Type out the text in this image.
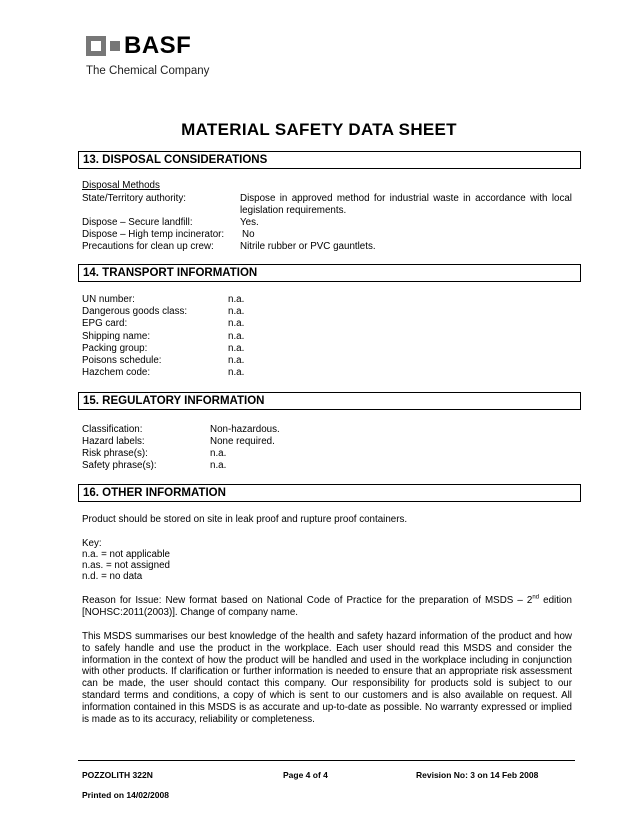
BASF
The Chemical Company
MATERIAL SAFETY DATA SHEET
13. DISPOSAL CONSIDERATIONS
Disposal Methods
State/Territory authority:	Dispose in approved method for industrial waste in accordance with local legislation requirements.
Dispose – Secure landfill:	Yes.
Dispose – High temp incinerator: No
Precautions for clean up crew:	Nitrile rubber or PVC gauntlets.
14. TRANSPORT INFORMATION
UN number:	n.a.
Dangerous goods class:	n.a.
EPG card:	n.a.
Shipping name:	n.a.
Packing group:	n.a.
Poisons schedule:	n.a.
Hazchem code:	n.a.
15. REGULATORY INFORMATION
Classification:	Non-hazardous.
Hazard labels:	None required.
Risk phrase(s):	n.a.
Safety phrase(s):	n.a.
16. OTHER INFORMATION
Product should be stored on site in leak proof and rupture proof containers.
Key:
n.a. = not applicable
n.as. = not assigned
n.d. = no data
Reason for Issue: New format based on National Code of Practice for the preparation of MSDS – 2nd edition [NOHSC:2011(2003)]. Change of company name.
This MSDS summarises our best knowledge of the health and safety hazard information of the product and how to safely handle and use the product in the workplace. Each user should read this MSDS and consider the information in the context of how the product will be handled and used in the workplace including in conjunction with other products. If clarification or further information is needed to ensure that an appropriate risk assessment can be made, the user should contact this company. Our responsibility for products sold is subject to our standard terms and conditions, a copy of which is sent to our customers and is also available on request. All information contained in this MSDS is as accurate and up-to-date as possible. No warranty expressed or implied is made as to its accuracy, reliability or completeness.
POZZOLITH 322N	Page 4 of 4	Revision No: 3 on 14 Feb 2008
Printed on 14/02/2008
